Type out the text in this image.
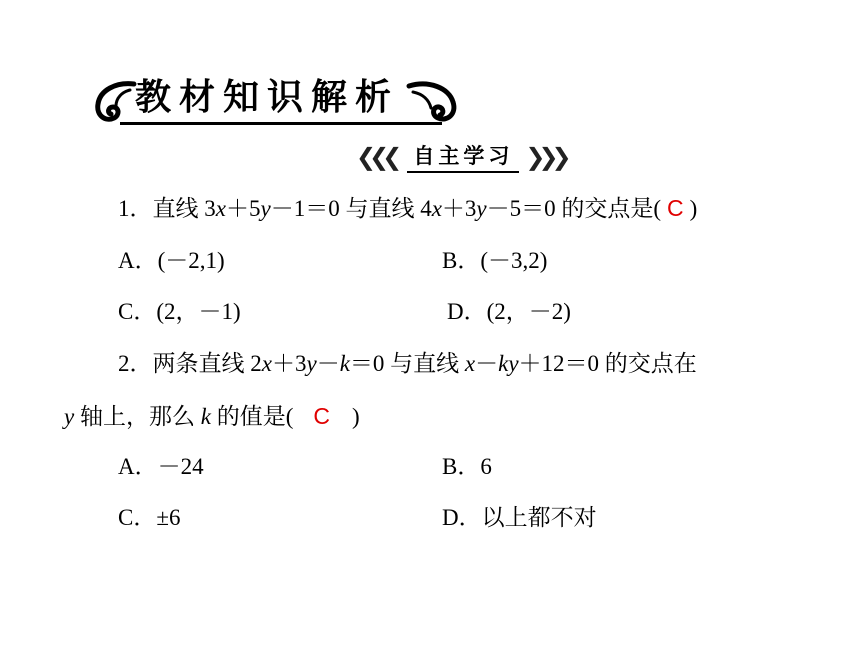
教材知识解析
❮❮❮ 自主学习 ❯❯❯
1．直线 3x＋5y－1＝0 与直线 4x＋3y－5＝0 的交点是( C )
A．(－2,1)	B．(－3,2)
C．(2，－1)	D．(2，－2)
2．两条直线 2x＋3y－k＝0 与直线 x－ky＋12＝0 的交点在
y 轴上，那么 k 的值是( C )
A．－24	B．6
C．±6	D．以上都不对
